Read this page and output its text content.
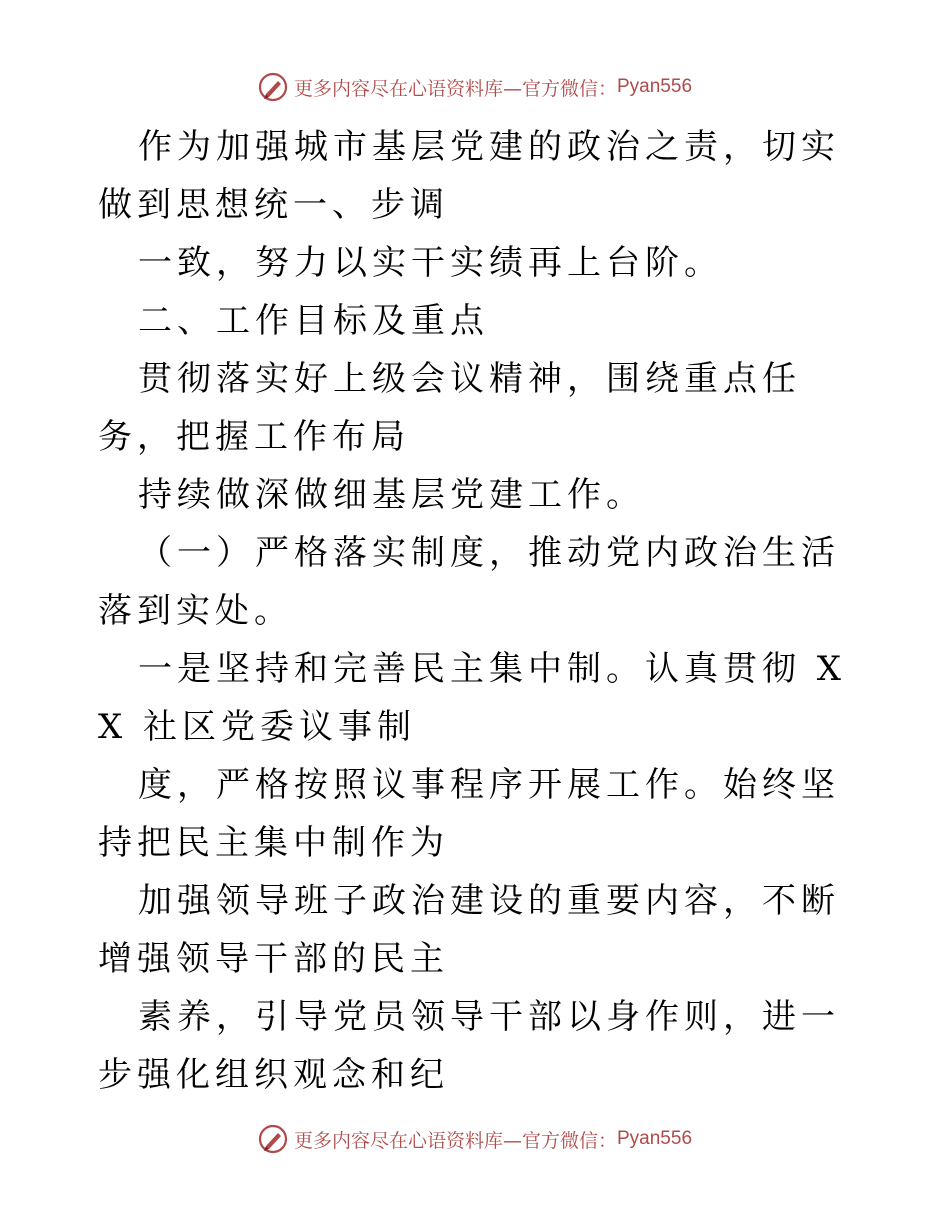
更多内容尽在心语资料库—官方微信： Pyan556

作为加强城市基层党建的政治之责，切实做到思想统一、步调

一致，努力以实干实绩再上台阶。

二、工作目标及重点

贯彻落实好上级会议精神，围绕重点任务，把握工作布局

持续做深做细基层党建工作。

（一）严格落实制度，推动党内政治生活落到实处。

一是坚持和完善民主集中制。认真贯彻 XX 社区党委议事制

度，严格按照议事程序开展工作。始终坚持把民主集中制作为

加强领导班子政治建设的重要内容，不断增强领导干部的民主

素养，引导党员领导干部以身作则，进一步强化组织观念和纪

更多内容尽在心语资料库—官方微信： Pyan556
